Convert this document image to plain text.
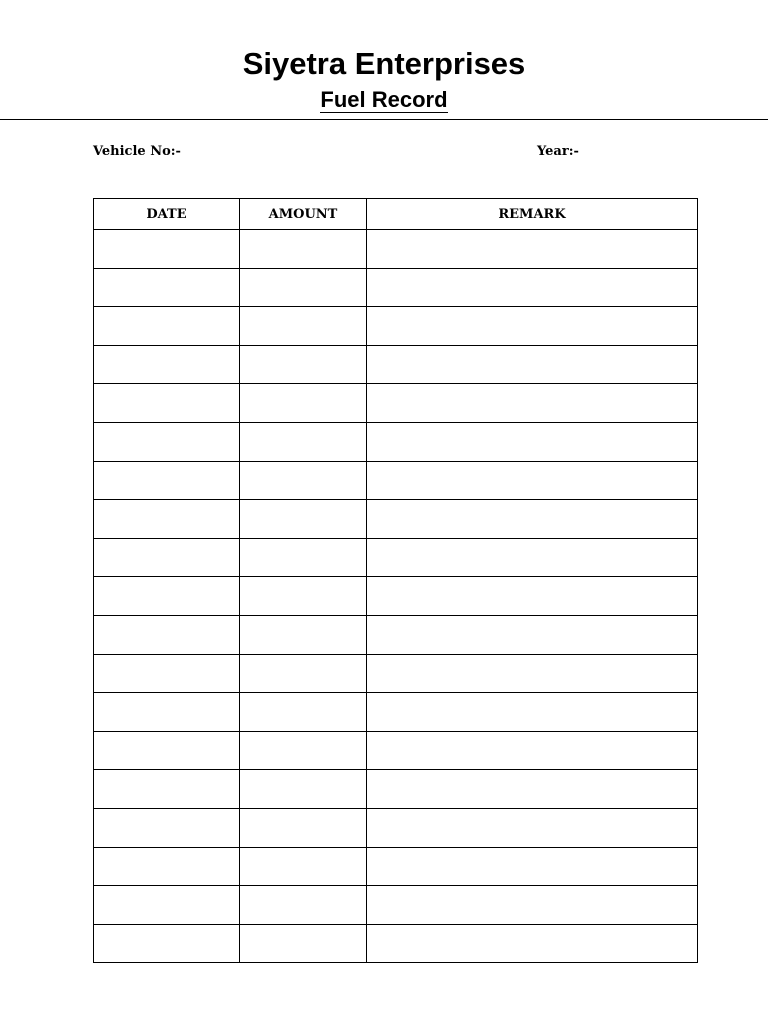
Siyetra Enterprises
Fuel Record
Vehicle No:-	Year:-
DATE	AMOUNT	REMARK
